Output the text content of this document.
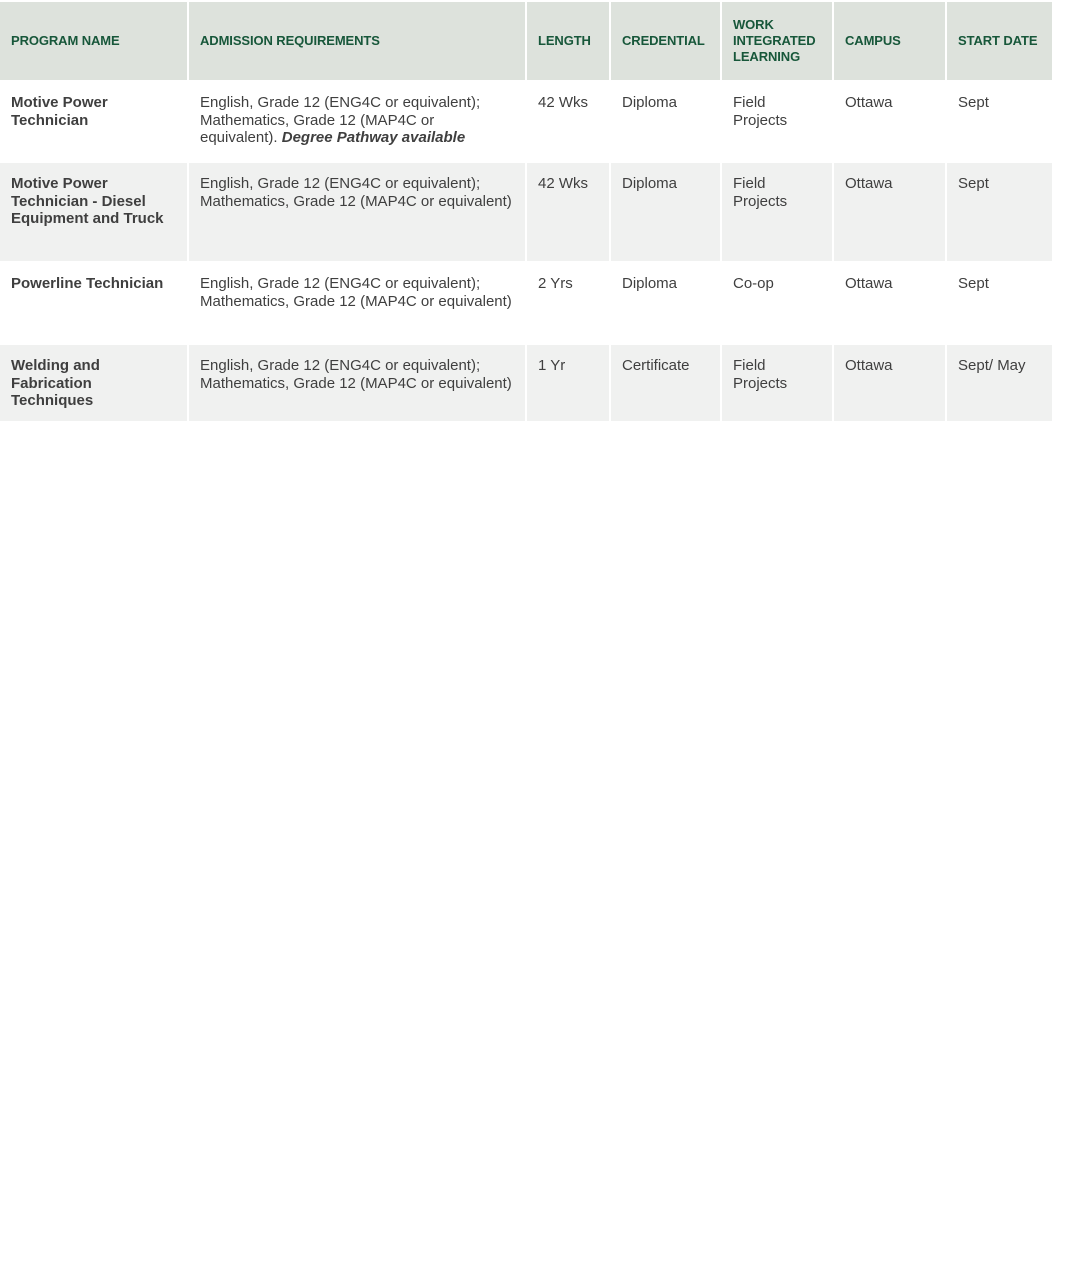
PROGRAM NAME	ADMISSION REQUIREMENTS	LENGTH	CREDENTIAL	WORK INTEGRATED LEARNING	CAMPUS	START DATE
Motive Power Technician	English, Grade 12 (ENG4C or equivalent); Mathematics, Grade 12 (MAP4C or equivalent). Degree Pathway available	42 Wks	Diploma	Field Projects	Ottawa	Sept
Motive Power Technician - Diesel Equipment and Truck	English, Grade 12 (ENG4C or equivalent); Mathematics, Grade 12 (MAP4C or equivalent)	42 Wks	Diploma	Field Projects	Ottawa	Sept
Powerline Technician	English, Grade 12 (ENG4C or equivalent); Mathematics, Grade 12 (MAP4C or equivalent)	2 Yrs	Diploma	Co-op	Ottawa	Sept
Welding and Fabrication Techniques	English, Grade 12 (ENG4C or equivalent); Mathematics, Grade 12 (MAP4C or equivalent)	1 Yr	Certificate	Field Projects	Ottawa	Sept/ May
